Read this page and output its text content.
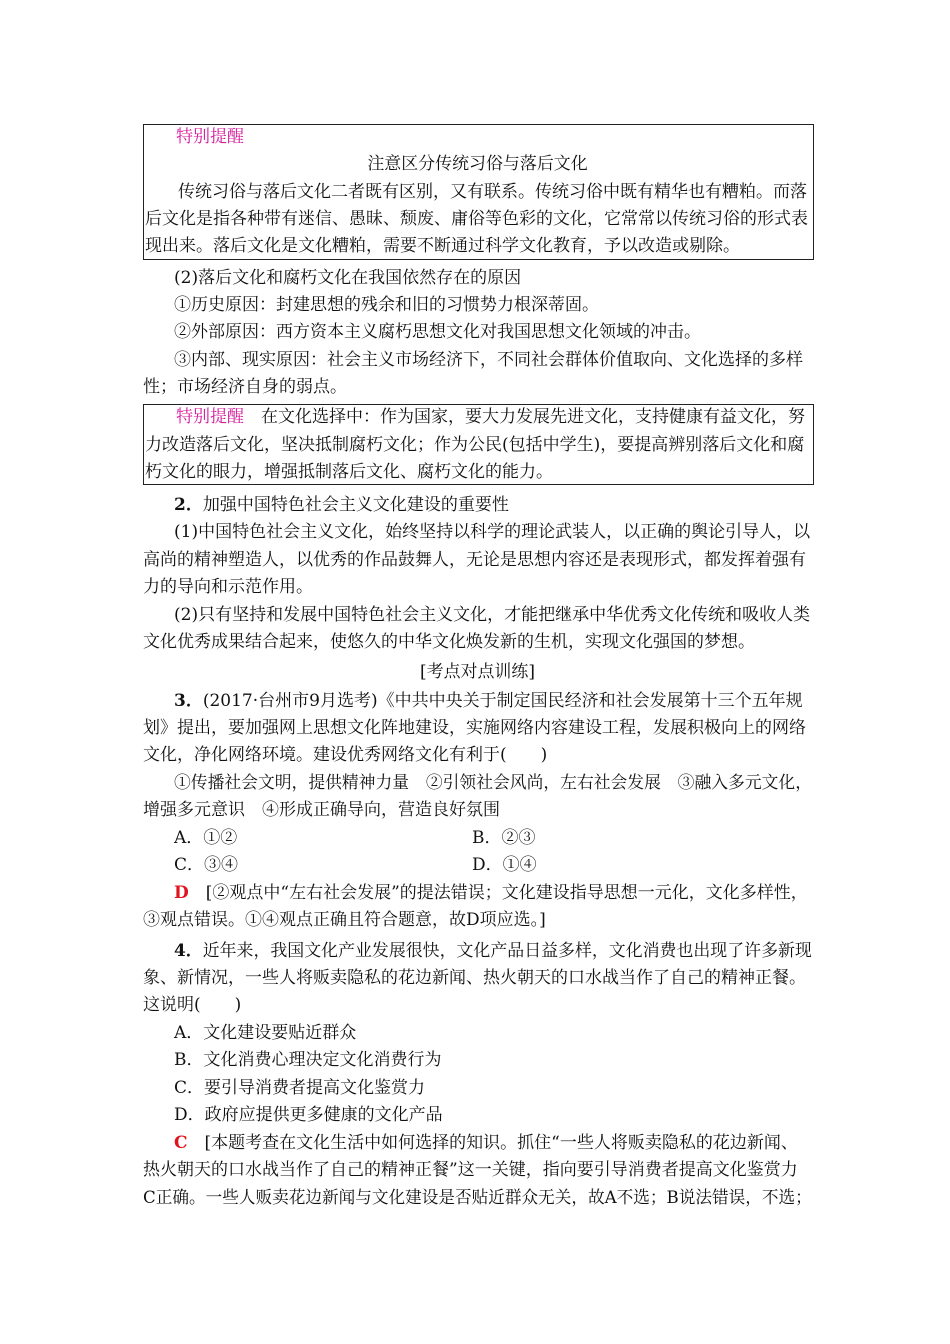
特别提醒
注意区分传统习俗与落后文化
传统习俗与落后文化二者既有区别，又有联系。传统习俗中既有精华也有糟粕。而落
后文化是指各种带有迷信、愚昧、颓废、庸俗等色彩的文化，它常常以传统习俗的形式表
现出来。落后文化是文化糟粕，需要不断通过科学文化教育，予以改造或剔除。
(2)落后文化和腐朽文化在我国依然存在的原因
①历史原因：封建思想的残余和旧的习惯势力根深蒂固。
②外部原因：西方资本主义腐朽思想文化对我国思想文化领域的冲击。
③内部、现实原因：社会主义市场经济下，不同社会群体价值取向、文化选择的多样
性；市场经济自身的弱点。
特别提醒　在文化选择中：作为国家，要大力发展先进文化，支持健康有益文化，努
力改造落后文化，坚决抵制腐朽文化；作为公民(包括中学生)，要提高辨别落后文化和腐
朽文化的眼力，增强抵制落后文化、腐朽文化的能力。
2．加强中国特色社会主义文化建设的重要性
(1)中国特色社会主义文化，始终坚持以科学的理论武装人，以正确的舆论引导人，以
高尚的精神塑造人，以优秀的作品鼓舞人，无论是思想内容还是表现形式，都发挥着强有
力的导向和示范作用。
(2)只有坚持和发展中国特色社会主义文化，才能把继承中华优秀文化传统和吸收人类
文化优秀成果结合起来，使悠久的中华文化焕发新的生机，实现文化强国的梦想。
[考点对点训练]
3．(2017·台州市9月选考)《中共中央关于制定国民经济和社会发展第十三个五年规
划》提出，要加强网上思想文化阵地建设，实施网络内容建设工程，发展积极向上的网络
文化，净化网络环境。建设优秀网络文化有利于(　　)
①传播社会文明，提供精神力量　②引领社会风尚，左右社会发展　③融入多元文化，
增强多元意识　④形成正确导向，营造良好氛围
A．①②	B．②③
C．③④	D．①④
D　[②观点中“左右社会发展”的提法错误；文化建设指导思想一元化，文化多样性，
③观点错误。①④观点正确且符合题意，故D项应选。]
4．近年来，我国文化产业发展很快，文化产品日益多样，文化消费也出现了许多新现
象、新情况，一些人将贩卖隐私的花边新闻、热火朝天的口水战当作了自己的精神正餐。
这说明(　　)
A．文化建设要贴近群众
B．文化消费心理决定文化消费行为
C．要引导消费者提高文化鉴赏力
D．政府应提供更多健康的文化产品
C　[本题考查在文化生活中如何选择的知识。抓住“一些人将贩卖隐私的花边新闻、
热火朝天的口水战当作了自己的精神正餐”这一关键，指向要引导消费者提高文化鉴赏力
C正确。一些人贩卖花边新闻与文化建设是否贴近群众无关，故A不选；B说法错误，不选；
